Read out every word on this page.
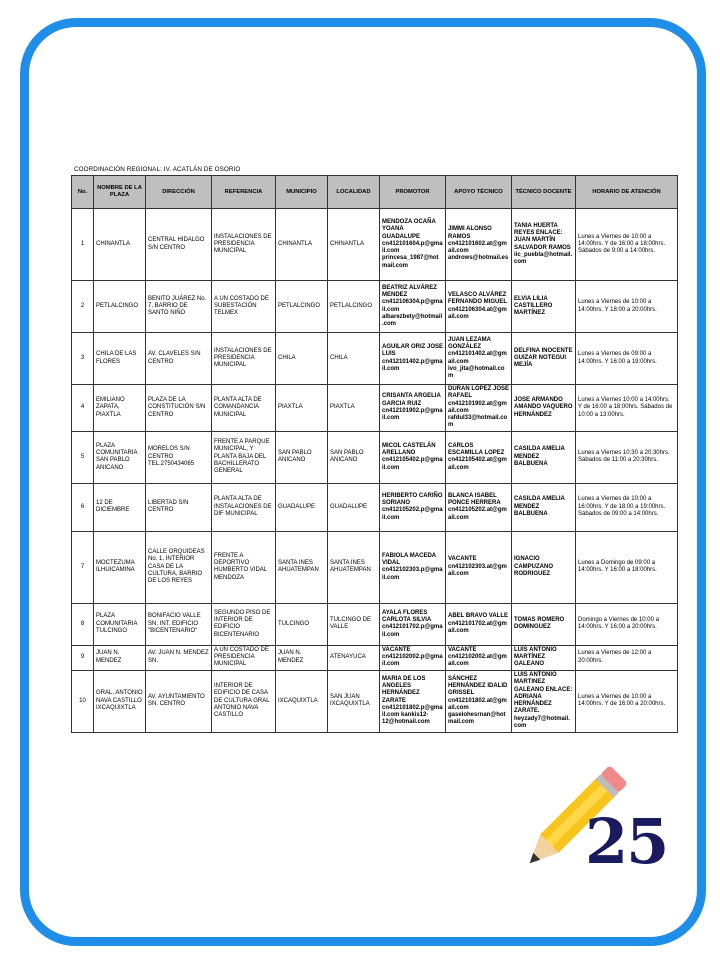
COORDINACIÓN REGIONAL: IV. ACATLÁN DE OSORIO
No.	NOMBRE DE LA PLAZA	DIRECCIÓN	REFERENCIA	MUNICIPIO	LOCALIDAD	PROMOTOR	APOYO TÉCNICO	TÉCNICO DOCENTE	HORARIO DE ATENCIÓN
1	CHINANTLA	CENTRAL HIDALGO S/N CENTRO	INSTALACIONES DE PRESIDENCIA MUNICIPAL	CHINANTLA	CHINANTLA	MENDOZA OCAÑA YOANA GUADALUPE cn412101604.p@gmail.com princesa_1987@hotmail.com	JIMMI ALONSO RAMOS cn412101602.at@gmail.com androws@hotmail.es	TANIA HUERTA REYES ENLACE: JUAN MARTÍN SALVADOR RAMOS iic_puebla@hotmail.com	Lunes a Viernes de 10:00 a 14:00hrs. Y de 16:00 a 18:00hrs. Sábados de 9:00 a 14:00hrs.
2	PETLALCINGO	BENITO JUÁREZ No. 7, BARRIO DE SANTO NIÑO	A UN COSTADO DE SUBESTACIÓN TELMEX	PETLALCINGO	PETLALCINGO	BEATRIZ ALVÁREZ MENDEZ cn412106304.p@gmail.com albarezbety@hotmail.com	VELASCO ALVÁREZ FERNANDO MIGUEL cn412106304.at@gmail.com	ELVIA LILIA CASTILLERO MARTÍNEZ	Lunes a Viernes de 10:00 a 14:00hrs. Y 18:00 a 20:00hrs.
3	CHILA DE LAS FLORES	AV. CLAVELES S/N CENTRO	INSTALACIONES DE PRESIDENCIA MUNICIPAL	CHILA	CHILA	AGUILAR ORIZ JOSE LUIS cn412101402.p@gmail.com	JUAN LEZAMA GONZÁLEZ cn412101402.at@gmail.com ivo_jita@hotmail.com	DELFINA INOCENTE GUIZAR NOTEGUI MEJÍA	Lunes a Viernes de 09:00 a 14:00hrs. Y 16:00 a 19:00hrs.
4	EMILIANO ZAPATA, PIAXTLA	PLAZA DE LA CONSTITUCIÓN S/N CENTRO	PLANTA ALTA DE COMANDANCIA MUNICIPAL	PIAXTLA	PIAXTLA	CRISANTA ARGELIA GARCIA RUIZ cn412101902.p@gmail.com	DURAN LÓPEZ JOSE RAFAEL cn412101902.at@gmail.com rafdul33@hotmail.com	JOSE ARMANDO AMANDO VAQUERO HERNÁNDEZ	Lunes a Viernes 10:00 a 14:00hrs. Y de 16:00 a 18:00hrs. Sábados de 10:00 a 13:00hrs.
5	PLAZA COMUNITARIA SAN PABLO ANICANO	MORELOS S/N CENTRO TEL.2750434065	FRENTE A PARQUE MUNICIPAL, Y PLANTA BAJA DEL BACHILLERATO GENERAL	SAN PABLO ANICANO	SAN PABLO ANICANO	MICOL CASTELÁN ARELLANO cn412105402.p@gmail.com	CARLOS ESCAMILLA LOPEZ cn412105402.at@gmail.com	CASILDA AMELIA MENDEZ BALBUENA	Lunes a Viernes 10:30 a 20:30hrs. Sábados de 11:00 a 20:30hrs.
6	12 DE DICIEMBRE	LIBERTAD S/N CENTRO	PLANTA ALTA DE INSTALACIONES DE DIF MUNICIPAL	GUADALUPE	GUADALUPE	HERIBERTO CARIÑO SORIANO cn412105202.p@gmail.com	BLANCA ISABEL PONCE HERRERA cn412105202.at@gmail.com	CASILDA AMELIA MENDEZ BALBUENA	Lunes a Viernes de 10:00 a 16:00hrs. Y de 18:00 a 19:00hrs. Sábados de 09:00 a 14:00hrs.
7	MOCTEZUMA ILHUICAMINA	CALLE ORQUIDEAS No. 1, INTERIOR CASA DE LA CULTURA, BARRIO DE LOS REYES	FRENTE A DEPORTIVO HUMBERTO VIDAL MENDOZA	SANTA INES AHUATEMPAN	SANTA INES AHUATEMPAN	FABIOLA MACEDA VIDAL cn412102303.p@gmail.com	VACANTE cn412102303.at@gmail.com	IGNACIO CAMPUZANO RODRIGUEZ	Lunes a Domingo de 09:00 a 14:00hrs. Y 16:00 a 18:00hrs.
8	PLAZA COMUNITARIA TULCINGO	BONIFACIO VALLE SN. INT. EDIFICIO "BICENTENARIO"	SEGUNDO PISO DE INTERIOR DE EDIFICIO BICENTENARIO	TULCINGO	TULCINGO DE VALLE	AYALA FLORES CARLOTA SILVIA cn412101702.p@gmail.com	ABEL BRAVO VALLE cn412101702.at@gmail.com	TOMAS ROMERO DOMINGUEZ	Domingo a Viernes de 10:00 a 14:00hrs. Y 16:00 a 20:00hrs.
9	JUAN N. MENDEZ	AV. JUAN N. MENDEZ SN.	A UN COSTADO DE PRESIDENCIA MUNICIPAL	JUAN N. MENDEZ	ATENAYUCA	VACANTE cn412102002.p@gmail.com	VACANTE cn412102002.at@gmail.com	LUIS ANTONIO MARTÍNEZ GALEANO	Lunes a Viernes de 12:00 a 20:00hrs.
10	GRAL. ANTONIO NAVA CASTILLO IXCAQUIXTLA	AV. AYUNTAMIENTO SN. CENTRO	INTERIOR DE EDIFICIO DE CASA DE CULTURA GRAL ANTONIO NAVA CASTILLO	IXCAQUIXTLA	SAN JUAN IXCAQUIXTLA	MARIA DE LOS ANGELES HERNÁNDEZ ZARATE cn412101802.p@gmail.com kankis12-12@hotmail.com	SÁNCHEZ HERNÁNDEZ IDALID GRISSEL cn412101802.at@gmail.com gaselohesrnan@hotmail.com	LUIS ANTONIO MARTINEZ GALEANO ENLACE: ADRIANA HERNÁNDEZ ZARATE. heyzady7@hotmail.com	Lunes a Viernes de 10:00 a 14:00hrs. Y de 16:00 a 20:00hrs.
25
